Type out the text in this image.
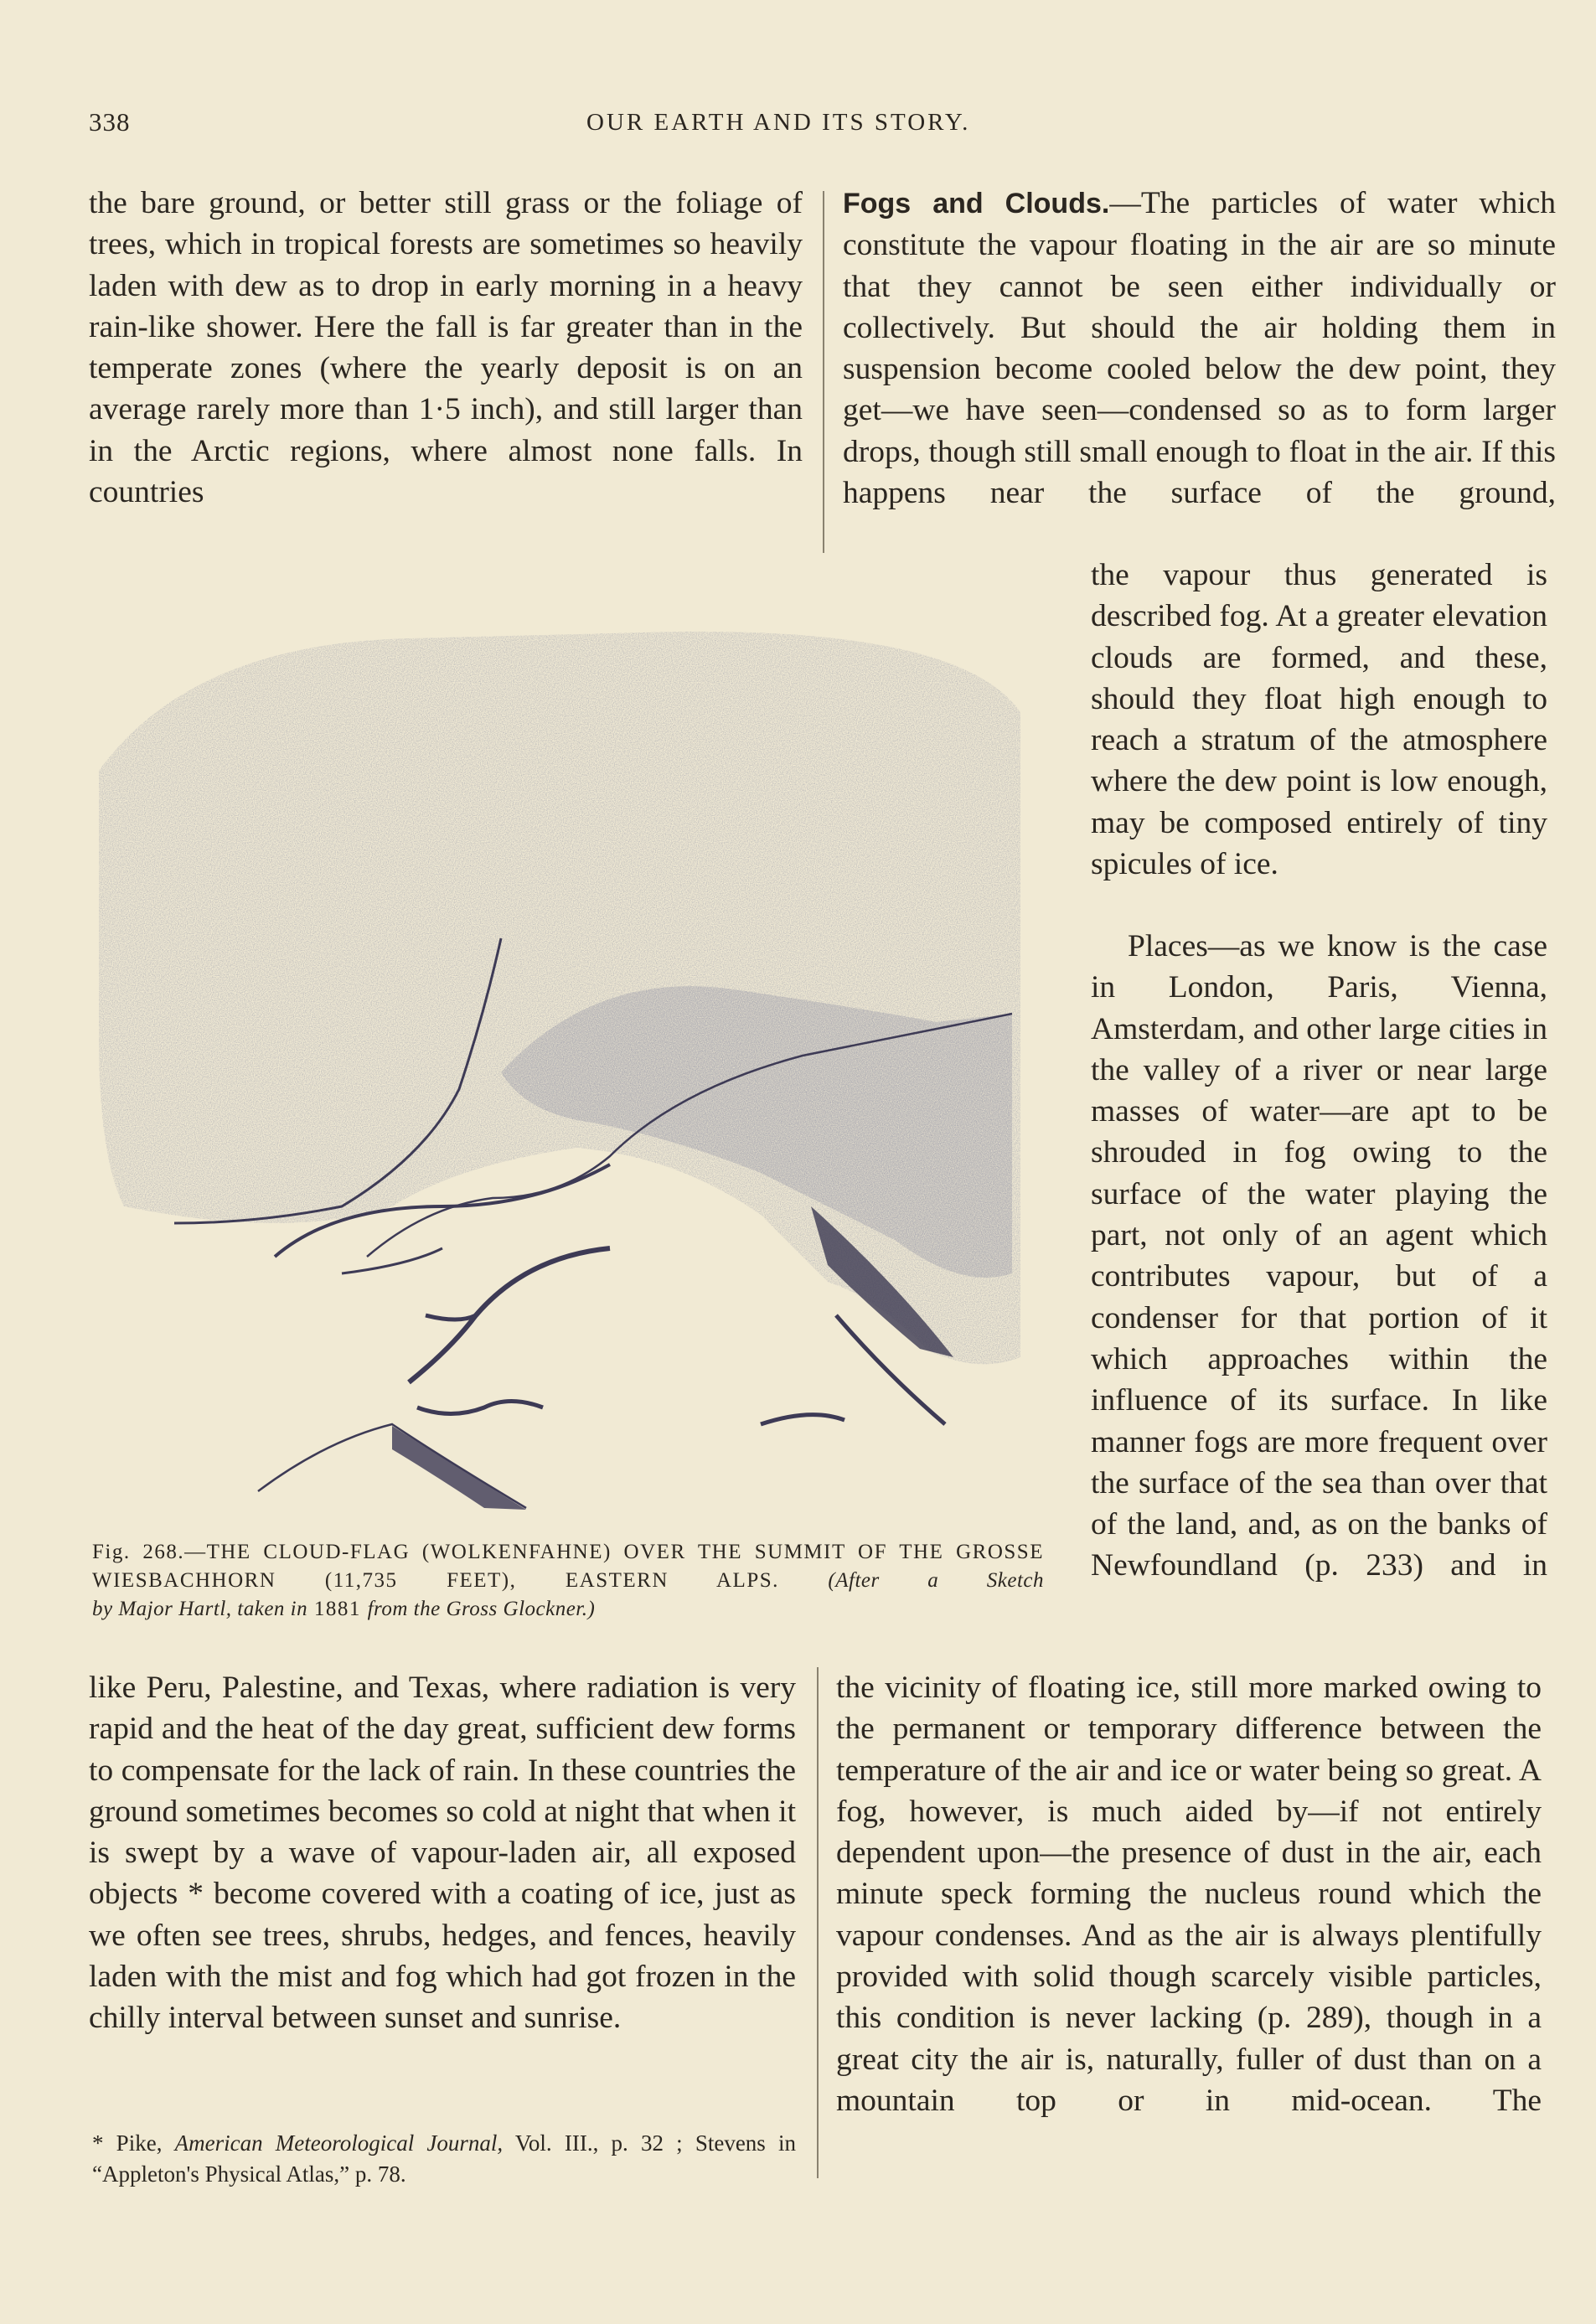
338	OUR EARTH AND ITS STORY.

the bare ground, or better still grass or the foliage of trees, which in tropical forests are sometimes so heavily laden with dew as to drop in early morning in a heavy rain-like shower. Here the fall is far greater than in the temperate zones (where the yearly deposit is on an average rarely more than 1·5 inch), and still larger than in the Arctic regions, where almost none falls. In countries

Fogs and Clouds.—The particles of water which constitute the vapour floating in the air are so minute that they cannot be seen either individually or collectively. But should the air holding them in suspension become cooled below the dew point, they get—we have seen—condensed so as to form larger drops, though still small enough to float in the air. If this happens near the surface of the ground,

the vapour thus generated is described fog. At a greater elevation clouds are formed, and these, should they float high enough to reach a stratum of the atmosphere where the dew point is low enough, may be composed entirely of tiny spicules of ice.

Places—as we know is the case in London, Paris, Vienna, Amsterdam, and other large cities in the valley of a river or near large masses of water—are apt to be shrouded in fog owing to the surface of the water playing the part, not only of an agent which contributes vapour, but of a condenser for that portion of it which approaches within the influence of its surface. In like manner fogs are more frequent over the surface of the sea than over that of the land, and, as on the banks of Newfoundland (p. 233) and in

Fig. 268.—THE CLOUD-FLAG (WOLKENFAHNE) OVER THE SUMMIT OF THE GROSSE WIESBACHHORN (11,735 FEET), EASTERN ALPS. (After a Sketch
by Major Hartl, taken in 1881 from the Gross Glockner.)

like Peru, Palestine, and Texas, where radiation is very rapid and the heat of the day great, sufficient dew forms to compensate for the lack of rain. In these countries the ground sometimes becomes so cold at night that when it is swept by a wave of vapour-laden air, all exposed objects * become covered with a coating of ice, just as we often see trees, shrubs, hedges, and fences, heavily laden with the mist and fog which had got frozen in the chilly interval between sunset and sunrise.

the vicinity of floating ice, still more marked owing to the permanent or temporary difference between the temperature of the air and ice or water being so great. A fog, however, is much aided by—if not entirely dependent upon—the presence of dust in the air, each minute speck forming the nucleus round which the vapour condenses. And as the air is always plentifully provided with solid though scarcely visible particles, this condition is never lacking (p. 289), though in a great city the air is, naturally, fuller of dust than on a mountain top or in mid-ocean. The

* Pike, American Meteorological Journal, Vol. III., p. 32 ; Stevens in “Appleton's Physical Atlas,” p. 78.
